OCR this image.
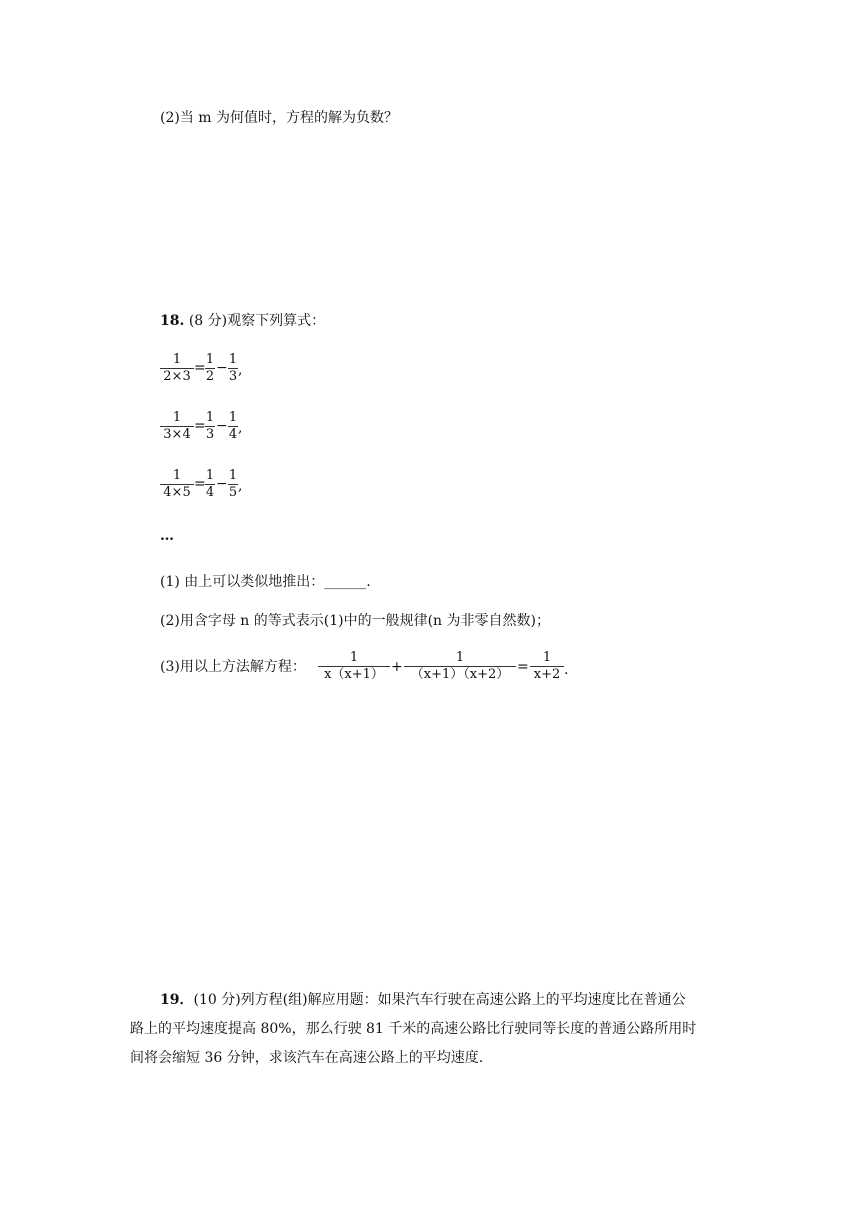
(2)当 m 为何值时，方程的解为负数？
18. (8 分)观察下列算式：
1
2×3
=
1
2
−
1
3 ,
1
3×4
=
1
3
−
1
4 ,
1
4×5
=
1
4
−
1
5 ,
…
(1) 由上可以类似地推出：______.
(2)用含字母 n 的等式表示(1)中的一般规律(n 为非零自然数)；
(3)用以上方法解方程：
1
x（x+1） +
1
（x+1）（x+2） =
1
x+2 .
19．(10 分)列方程(组)解应用题：如果汽车行驶在高速公路上的平均速度比在普通公
路上的平均速度提高 80%，那么行驶 81 千米的高速公路比行驶同等长度的普通公路所用时
间将会缩短 36 分钟，求该汽车在高速公路上的平均速度.
